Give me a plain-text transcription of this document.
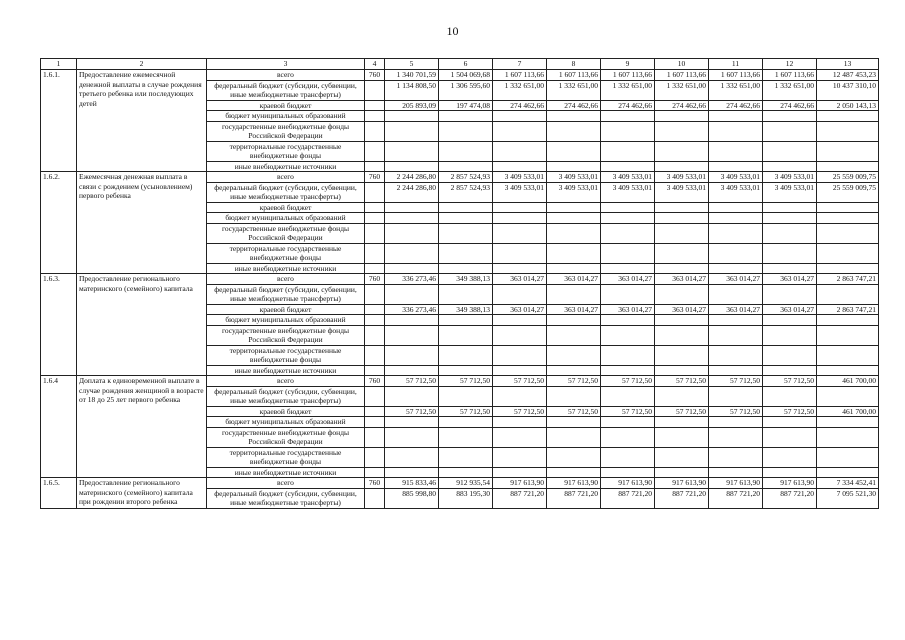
10
1	2	3	4	5	6	7	8	9	10	11	12	13
1.6.1.	Предоставление ежемесячной денежной выплаты в случае рождения третьего ребенка или последующих детей	всего	760	1 340 701,59	1 504 069,68	1 607 113,66	1 607 113,66	1 607 113,66	1 607 113,66	1 607 113,66	1 607 113,66	12 487 453,23
		федеральный бюджет (субсидии, субвенции, иные межбюджетные трансферты)		1 134 808,50	1 306 595,60	1 332 651,00	1 332 651,00	1 332 651,00	1 332 651,00	1 332 651,00	1 332 651,00	10 437 310,10
		краевой бюджет		205 893,09	197 474,08	274 462,66	274 462,66	274 462,66	274 462,66	274 462,66	274 462,66	2 050 143,13
		бюджет муниципальных образований										
		государственные внебюджетные фонды Российской Федерации										
		территориальные государственные внебюджетные фонды										
		иные внебюджетные источники										
1.6.2.	Ежемесячная денежная выплата в связи с рождением (усыновлением) первого ребенка	всего	760	2 244 286,80	2 857 524,93	3 409 533,01	3 409 533,01	3 409 533,01	3 409 533,01	3 409 533,01	3 409 533,01	25 559 009,75
		федеральный бюджет (субсидии, субвенции, иные межбюджетные трансферты)		2 244 286,80	2 857 524,93	3 409 533,01	3 409 533,01	3 409 533,01	3 409 533,01	3 409 533,01	3 409 533,01	25 559 009,75
		краевой бюджет										
		бюджет муниципальных образований										
		государственные внебюджетные фонды Российской Федерации										
		территориальные государственные внебюджетные фонды										
		иные внебюджетные источники										
1.6.3.	Предоставление регионального материнского (семейного) капитала	всего	760	336 273,46	349 388,13	363 014,27	363 014,27	363 014,27	363 014,27	363 014,27	363 014,27	2 863 747,21
		федеральный бюджет (субсидии, субвенции, иные межбюджетные трансферты)										
		краевой бюджет		336 273,46	349 388,13	363 014,27	363 014,27	363 014,27	363 014,27	363 014,27	363 014,27	2 863 747,21
		бюджет муниципальных образований										
		государственные внебюджетные фонды Российской Федерации										
		территориальные государственные внебюджетные фонды										
		иные внебюджетные источники										
1.6.4	Доплата к единовременной выплате в случае рождения женщиной в возрасте от 18 до 25 лет первого ребенка	всего	760	57 712,50	57 712,50	57 712,50	57 712,50	57 712,50	57 712,50	57 712,50	57 712,50	461 700,00
		федеральный бюджет (субсидии, субвенции, иные межбюджетные трансферты)										
		краевой бюджет		57 712,50	57 712,50	57 712,50	57 712,50	57 712,50	57 712,50	57 712,50	57 712,50	461 700,00
		бюджет муниципальных образований										
		государственные внебюджетные фонды Российской Федерации										
		территориальные государственные внебюджетные фонды										
		иные внебюджетные источники										
1.6.5.	Предоставление регионального материнского (семейного) капитала при рождении второго ребенка	всего	760	915 833,46	912 935,54	917 613,90	917 613,90	917 613,90	917 613,90	917 613,90	917 613,90	7 334 452,41
		федеральный бюджет (субсидии, субвенции, иные межбюджетные трансферты)		885 998,80	883 195,30	887 721,20	887 721,20	887 721,20	887 721,20	887 721,20	887 721,20	7 095 521,30
